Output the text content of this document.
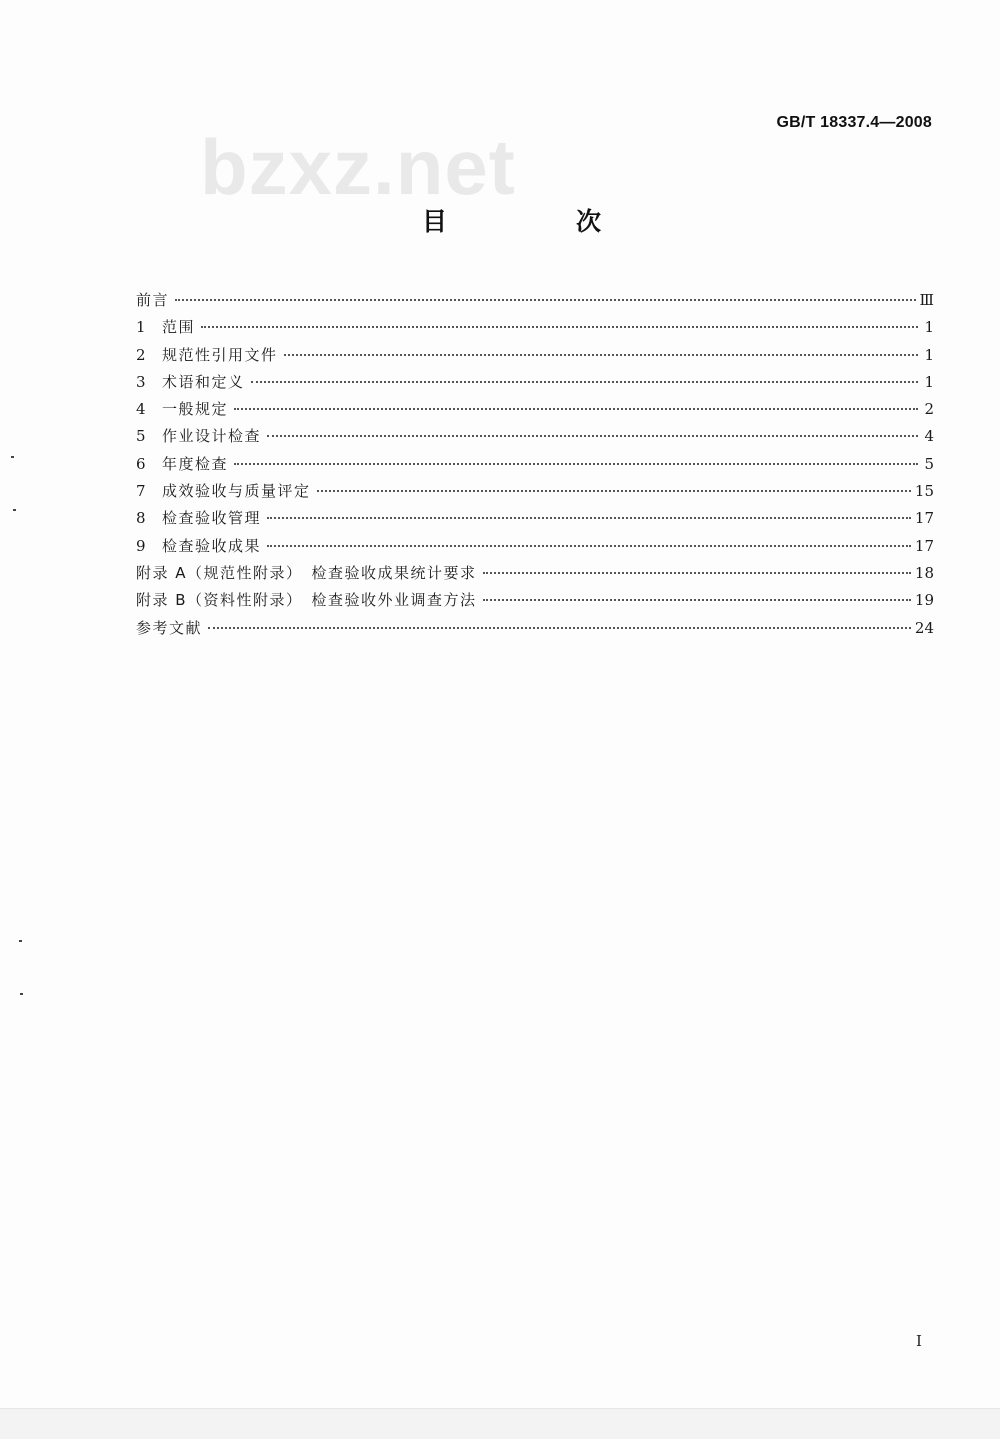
bzxz.net
GB/T 18337.4—2008
目　次
前言	Ⅲ
1	范围	1
2	规范性引用文件	1
3	术语和定义	1
4	一般规定	2
5	作业设计检查	4
6	年度检查	5
7	成效验收与质量评定	15
8	检查验收管理	17
9	检查验收成果	17
附录 A（规范性附录）　检查验收成果统计要求	18
附录 B（资料性附录）　检查验收外业调查方法	19
参考文献	24
I
